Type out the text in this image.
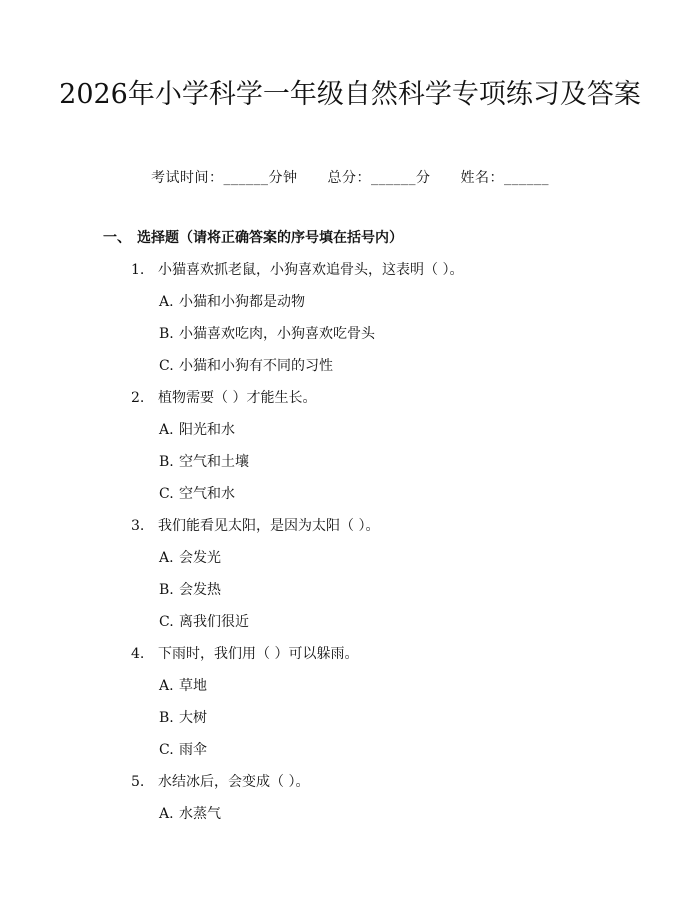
2026年小学科学一年级自然科学专项练习及答案
考试时间：______分钟 总分：______分 姓名：______
一、 选择题（请将正确答案的序号填在括号内）
1. 小猫喜欢抓老鼠，小狗喜欢追骨头，这表明（ ）。
A. 小猫和小狗都是动物
B. 小猫喜欢吃肉，小狗喜欢吃骨头
C. 小猫和小狗有不同的习性
2. 植物需要（ ）才能生长。
A. 阳光和水
B. 空气和土壤
C. 空气和水
3. 我们能看见太阳，是因为太阳（ ）。
A. 会发光
B. 会发热
C. 离我们很近
4. 下雨时，我们用（ ）可以躲雨。
A. 草地
B. 大树
C. 雨伞
5. 水结冰后，会变成（ ）。
A. 水蒸气
